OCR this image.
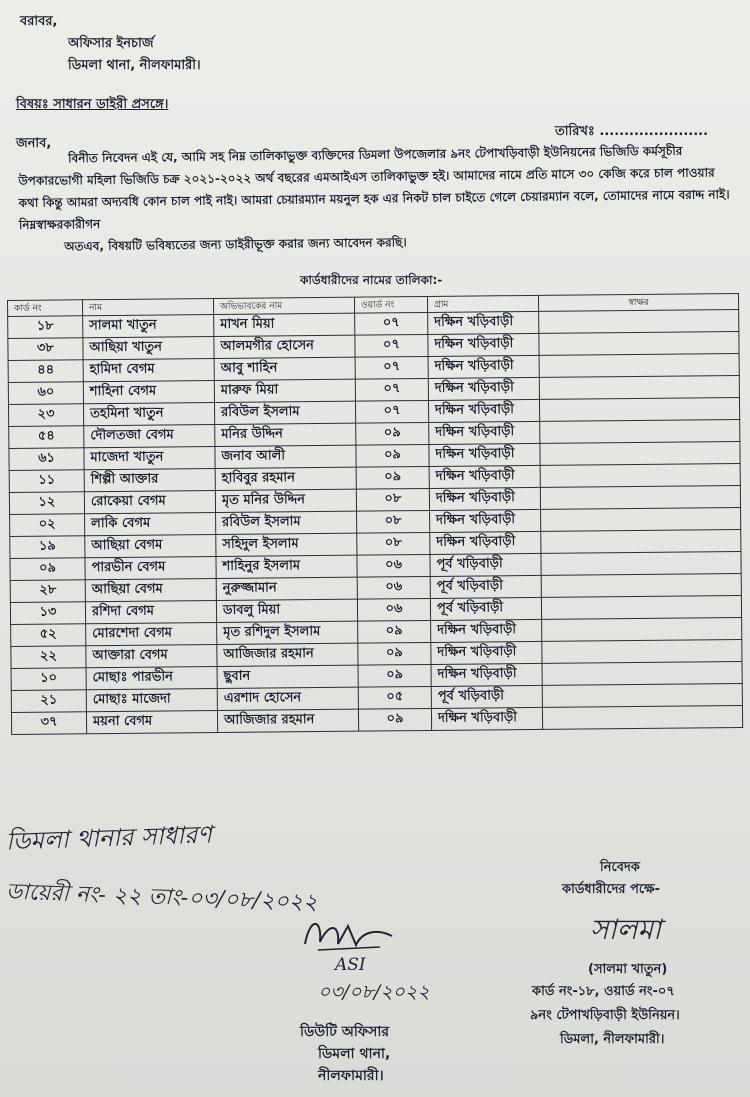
বরাবর,
অফিসার ইনচার্জ
ডিমলা থানা, নীলফামারী।
বিষয়ঃ সাধারন ডাইরী প্রসঙ্গে।
তারিখঃ ......................
জনাব,

বিনীত নিবেদন এই যে, আমি সহ নিম্ন তালিকাভুক্ত ব্যক্তিদের ডিমলা উপজেলার ৯নং টেপাখড়িবাড়ী ইউনিয়নের ভিজিডি কর্মসূচীর উপকারভোগী মহিলা ভিজিডি চক্র ২০২১-২০২২ অর্থ বছরের এমআইএস তালিকাভুক্ত হই। আমাদের নামে প্রতি মাসে ৩০ কেজি করে চাল পাওয়ার কথা কিন্তু আমরা অদ্যবধি কোন চাল পাই নাই। আমরা চেয়ারম্যান ময়নুল হক এর নিকট চাল চাইতে গেলে চেয়ারম্যান বলে, তোমাদের নামে বরাদ্দ নাই। নিম্নস্বাক্ষরকারীগন

অতএব, বিষয়টি ভবিষ্যতের জন্য ডাইরীভূক্ত করার জন্য আবেদন করছি।

কার্ডধারীদের নামের তালিকা:-
কার্ড নং	নাম	অভিভাবকের নাম	ওয়ার্ড নং	গ্রাম	স্বাক্ষর
১৮	সালমা খাতুন	মাখন মিয়া	০৭	দক্ষিন খড়িবাড়ী	
৩৮	আছিয়া খাতুন	আলমগীর হোসেন	০৭	দক্ষিন খড়িবাড়ী	
৪৪	হামিদা বেগম	আবু শাহিন	০৭	দক্ষিন খড়িবাড়ী	
৬০	শাহিনা বেগম	মারুফ মিয়া	০৭	দক্ষিন খড়িবাড়ী	
২৩	তহমিনা খাতুন	রবিউল ইসলাম	০৭	দক্ষিন খড়িবাড়ী	
৫৪	দৌলতজা বেগম	মনির উদ্দিন	০৯	দক্ষিন খড়িবাড়ী	
৬১	মাজেদা খাতুন	জনাব আলী	০৯	দক্ষিন খড়িবাড়ী	
১১	শিল্পী আক্তার	হাবিবুর রহমান	০৯	দক্ষিন খড়িবাড়ী	
১২	রোকেয়া বেগম	মৃত মনির উদ্দিন	০৮	দক্ষিন খড়িবাড়ী	
০২	লাকি বেগম	রবিউল ইসলাম	০৮	দক্ষিন খড়িবাড়ী	
১৯	আছিয়া বেগম	সহিদুল ইসলাম	০৮	দক্ষিন খড়িবাড়ী	
০৯	পারভীন বেগম	শাহিনুর ইসলাম	০৬	পূর্ব খড়িবাড়ী	
২৮	আছিয়া বেগম	নুরুজ্জামান	০৬	পূর্ব খড়িবাড়ী	
১৩	রশিদা বেগম	ডাবলু মিয়া	০৬	পূর্ব খড়িবাড়ী	
৫২	মোরশেদা বেগম	মৃত রশিদুল ইসলাম	০৯	দক্ষিন খড়িবাড়ী	
২২	আক্তারা বেগম	আজিজার রহমান	০৯	দক্ষিন খড়িবাড়ী	
১০	মোছাঃ পারভীন	ছুবান	০৯	দক্ষিন খড়িবাড়ী	
২১	মোছাঃ মাজেদা	এরশাদ হোসেন	০৫	পূর্ব খড়িবাড়ী	
৩৭	ময়না বেগম	আজিজার রহমান	০৯	দক্ষিন খড়িবাড়ী	
ডিমলা থানার সাধারণ
ডায়েরী নং- ২২ তাং-০৩/০৮/২০২২
ASI
০৩/০৮/২০২২
ডিউটি অফিসার
ডিমলা থানা,
নীলফামারী।
নিবেদক
কার্ডধারীদের পক্ষে-
সালমা
(সালমা খাতুন)
কার্ড নং-১৮, ওয়ার্ড নং-০৭
৯নং টেপাখড়িবাড়ী ইউনিয়ন।
ডিমলা, নীলফামারী।
